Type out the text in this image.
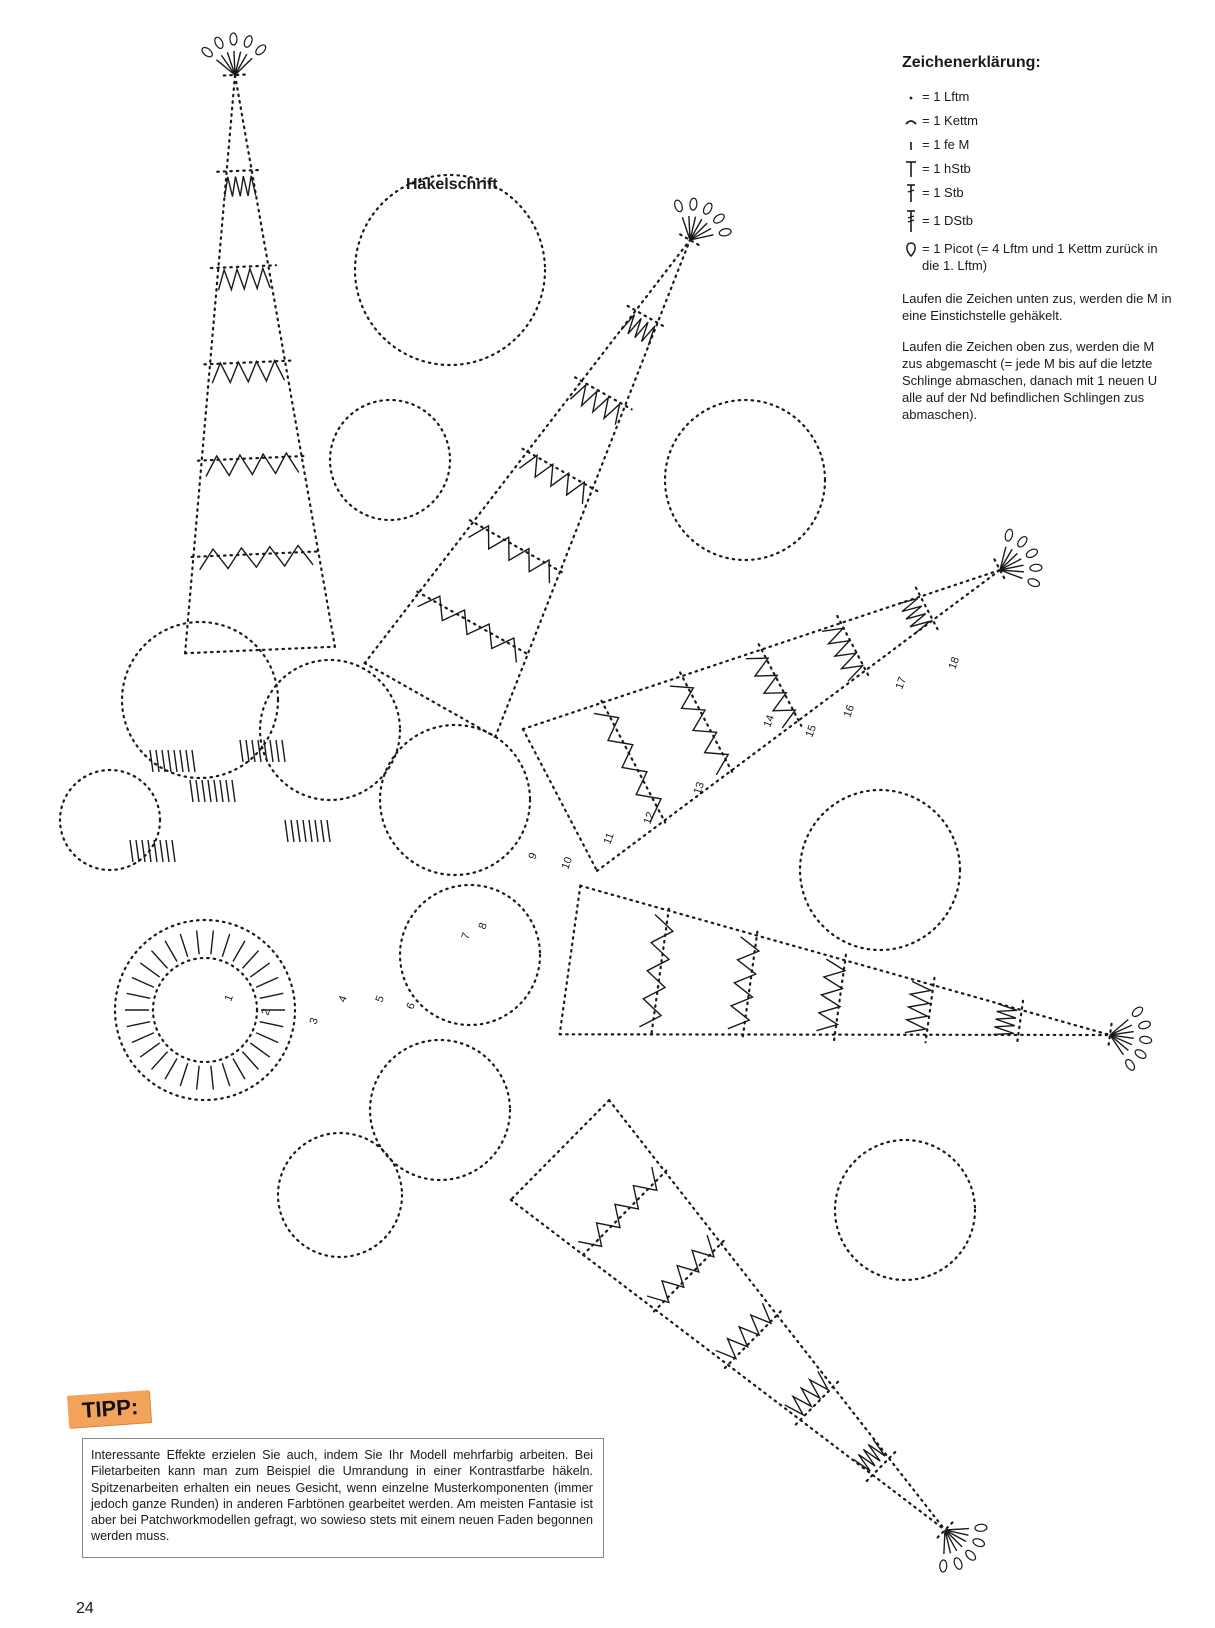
1
2
3
4 5
6
7
8
9 10
11
12
13
14
15
16
17
18
Häkelschrift
Zeichenerklärung:
= 1 Lftm
= 1 Kettm
= 1 fe M
= 1 hStb
= 1 Stb
= 1 DStb
= 1 Picot (= 4 Lftm und 1 Kettm zurück in die 1. Lftm)
Laufen die Zeichen unten zus, werden die M in eine Einstichstelle gehäkelt.
Laufen die Zeichen oben zus, werden die M zus abgemascht (= jede M bis auf die letzte Schlinge abmaschen, danach mit 1 neuen U alle auf der Nd befindlichen Schlingen zus abmaschen).
TIPP:
Interessante Effekte erzielen Sie auch, indem Sie Ihr Modell mehrfarbig arbeiten. Bei Filetarbeiten kann man zum Beispiel die Umrandung in einer Kontrastfarbe häkeln. Spitzenarbeiten erhalten ein neues Gesicht, wenn einzelne Musterkomponenten (immer jedoch ganze Runden) in anderen Farbtönen gearbeitet werden. Am meisten Fantasie ist aber bei Patchworkmodellen gefragt, wo sowieso stets mit einem neuen Faden begonnen werden muss.
24
